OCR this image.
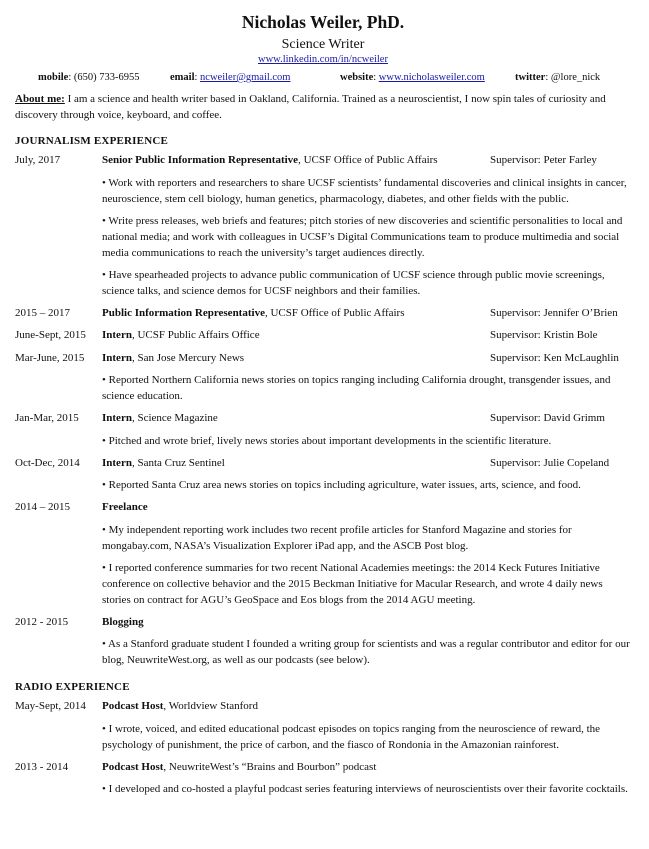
Nicholas Weiler, PhD.
Science Writer
www.linkedin.com/in/ncweiler
mobile: (650) 733-6955	email: ncweiler@gmail.com	website: www.nicholasweiler.com	twitter: @lore_nick
About me: I am a science and health writer based in Oakland, California. Trained as a neuroscientist, I now spin tales of curiosity and discovery through voice, keyboard, and coffee.
JOURNALISM EXPERIENCE
July, 2017	Senior Public Information Representative, UCSF Office of Public Affairs	Supervisor: Peter Farley
• Work with reporters and researchers to share UCSF scientists’ fundamental discoveries and clinical insights in cancer, neuroscience, stem cell biology, human genetics, pharmacology, diabetes, and other fields with the public.
• Write press releases, web briefs and features; pitch stories of new discoveries and scientific personalities to local and national media; and work with colleagues in UCSF’s Digital Communications team to produce multimedia and social media communications to reach the university’s target audiences directly.
• Have spearheaded projects to advance public communication of UCSF science through public movie screenings, science talks, and science demos for UCSF neighbors and their families.
2015 – 2017	Public Information Representative, UCSF Office of Public Affairs	Supervisor: Jennifer O’Brien
June-Sept, 2015 Intern, UCSF Public Affairs Office	Supervisor: Kristin Bole
Mar-June, 2015 Intern, San Jose Mercury News	Supervisor: Ken McLaughlin
• Reported Northern California news stories on topics ranging including California drought, transgender issues, and science education.
Jan-Mar, 2015 Intern, Science Magazine	Supervisor: David Grimm
• Pitched and wrote brief, lively news stories about important developments in the scientific literature.
Oct-Dec, 2014 Intern, Santa Cruz Sentinel	Supervisor: Julie Copeland
• Reported Santa Cruz area news stories on topics including agriculture, water issues, arts, science, and food.
2014 – 2015	Freelance
• My independent reporting work includes two recent profile articles for Stanford Magazine and stories for mongabay.com, NASA’s Visualization Explorer iPad app, and the ASCB Post blog.
• I reported conference summaries for two recent National Academies meetings: the 2014 Keck Futures Initiative conference on collective behavior and the 2015 Beckman Initiative for Macular Research, and wrote 4 daily news stories on contract for AGU’s GeoSpace and Eos blogs from the 2014 AGU meeting.
2012 - 2015	Blogging
• As a Stanford graduate student I founded a writing group for scientists and was a regular contributor and editor for our blog, NeuwriteWest.org, as well as our podcasts (see below).
RADIO EXPERIENCE
May-Sept, 2014 Podcast Host, Worldview Stanford
• I wrote, voiced, and edited educational podcast episodes on topics ranging from the neuroscience of reward, the psychology of punishment, the price of carbon, and the fiasco of Rondonia in the Amazonian rainforest.
2013 - 2014	Podcast Host, NeuwriteWest’s “Brains and Bourbon” podcast
• I developed and co-hosted a playful podcast series featuring interviews of neuroscientists over their favorite cocktails.
